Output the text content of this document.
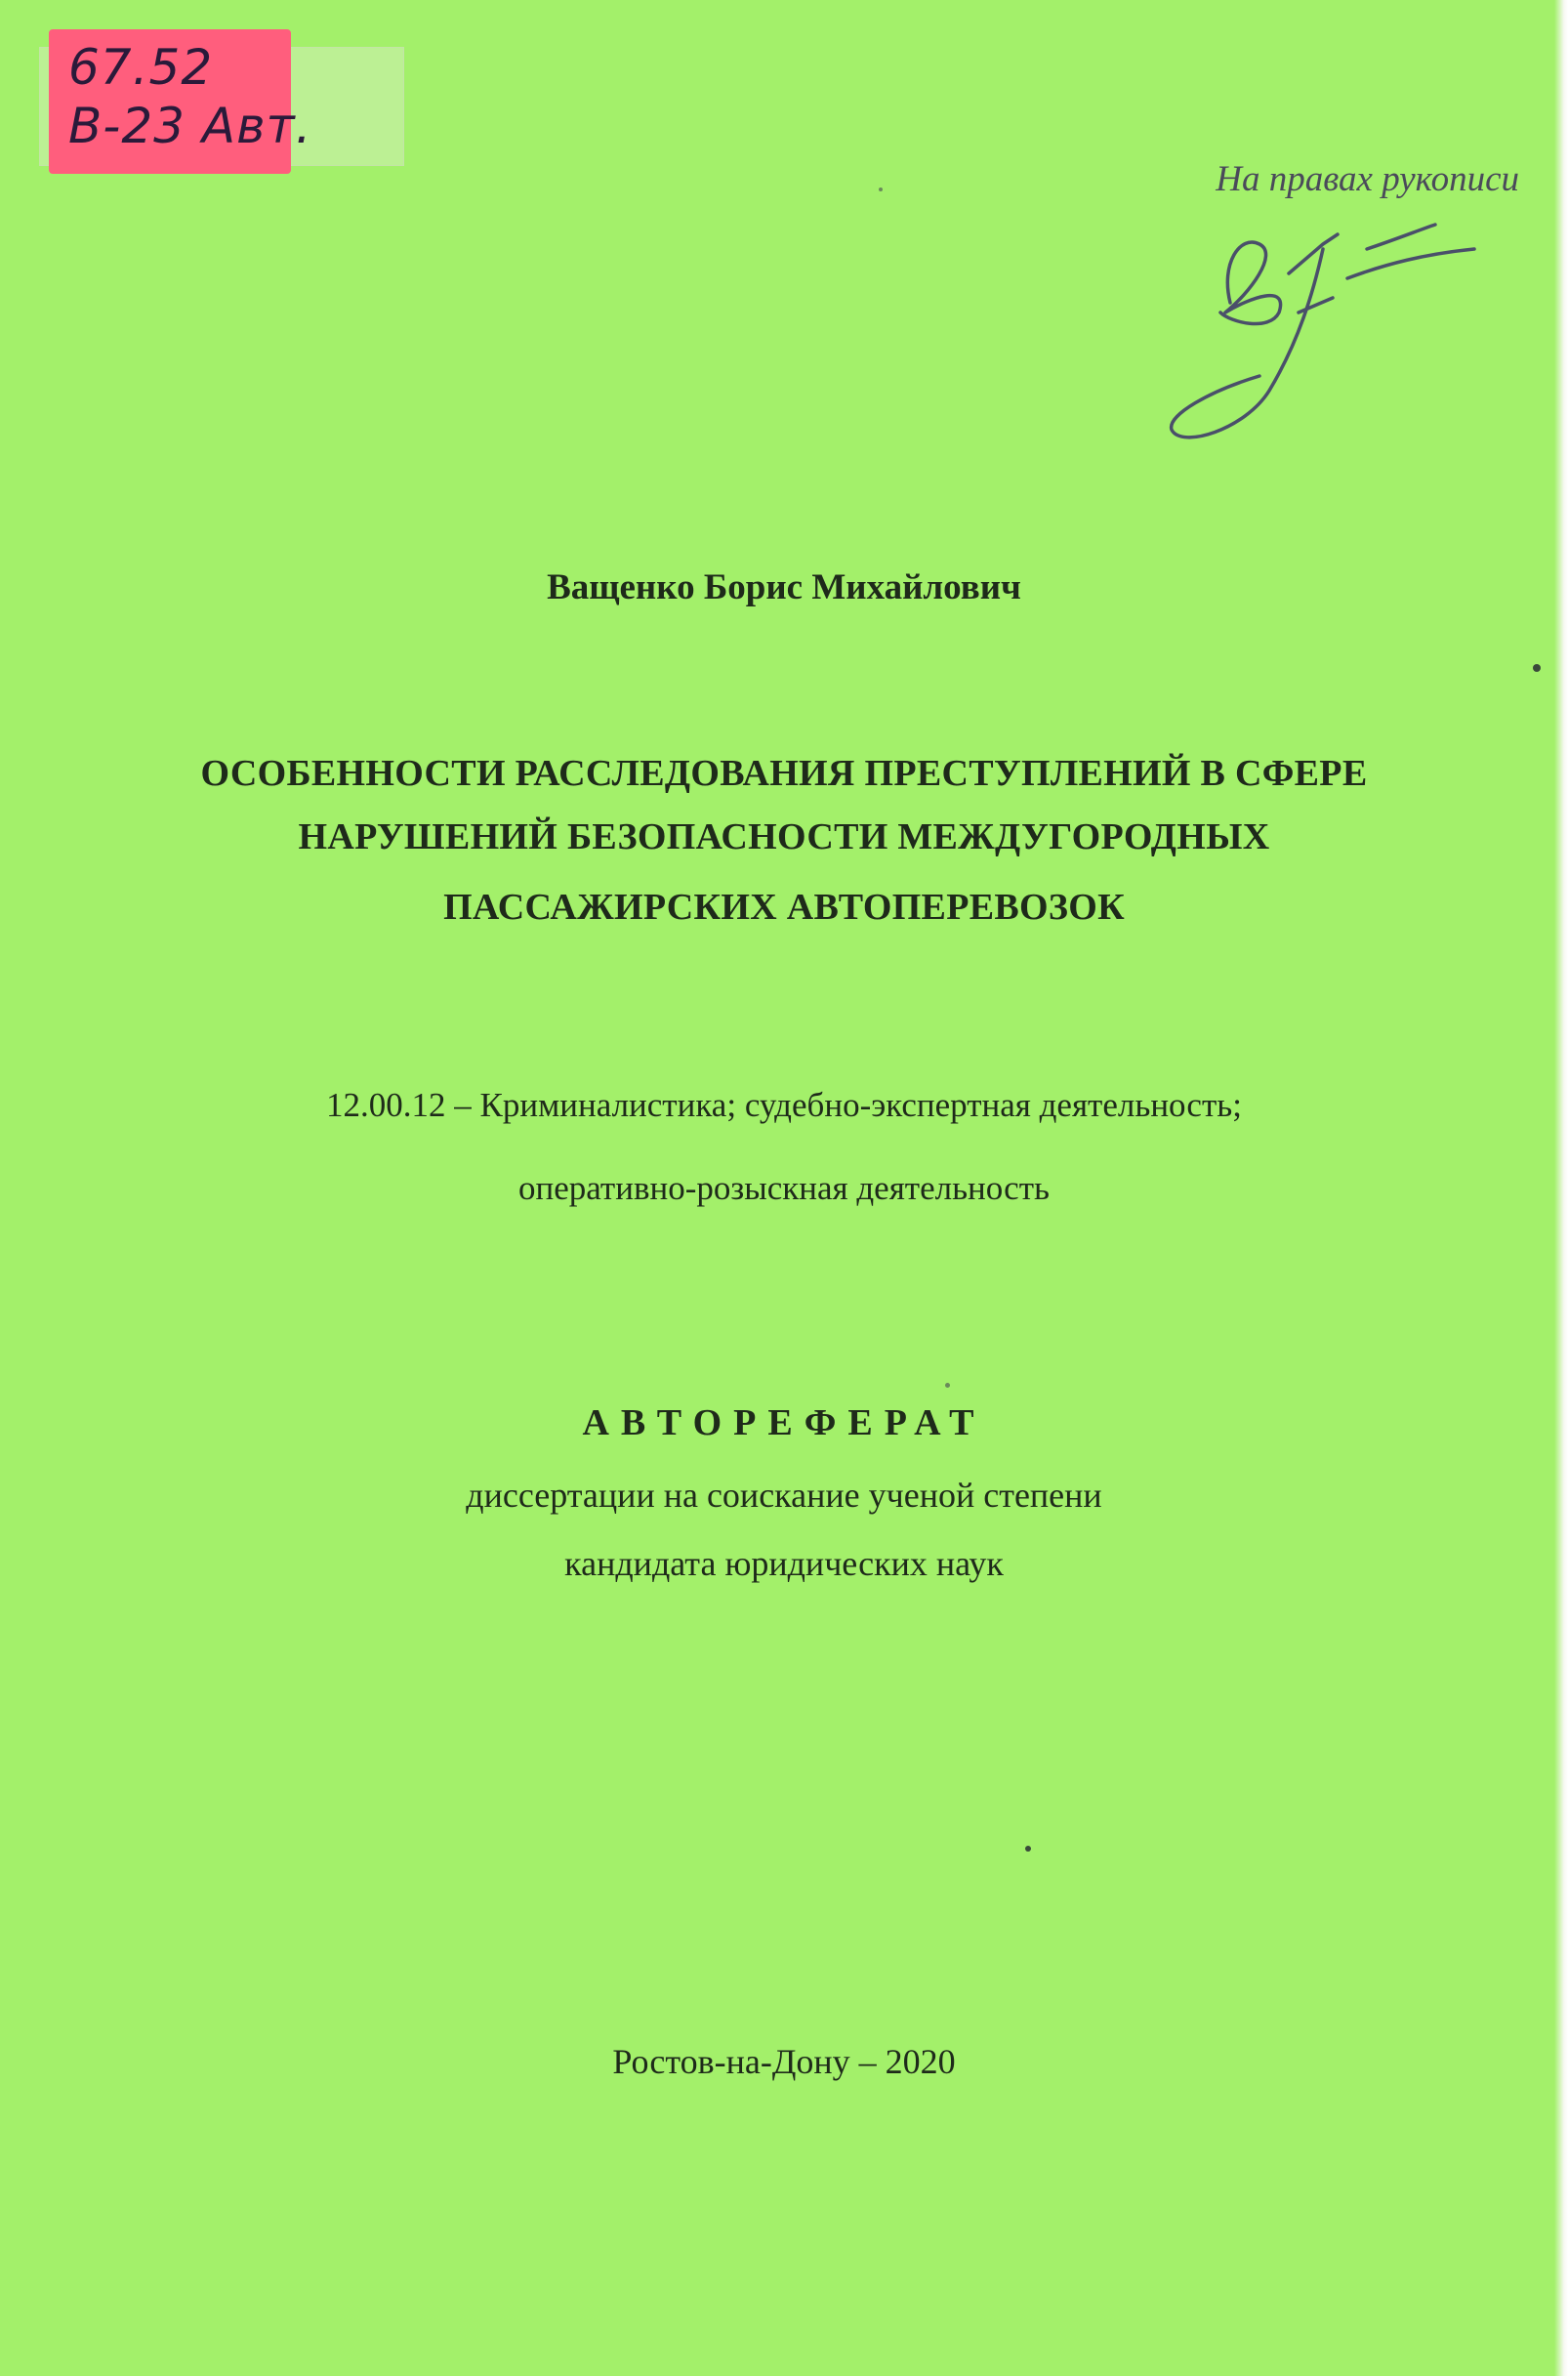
67.52
В-23 Авт.
На правах рукописи
Ващенко Борис Михайлович
ОСОБЕННОСТИ РАССЛЕДОВАНИЯ ПРЕСТУПЛЕНИЙ В СФЕРЕ
НАРУШЕНИЙ БЕЗОПАСНОСТИ МЕЖДУГОРОДНЫХ
ПАССАЖИРСКИХ АВТОПЕРЕВОЗОК
12.00.12 – Криминалистика; судебно-экспертная деятельность;
оперативно-розыскная деятельность
АВТОРЕФЕРАТ
диссертации на соискание ученой степени
кандидата юридических наук
Ростов-на-Дону – 2020
